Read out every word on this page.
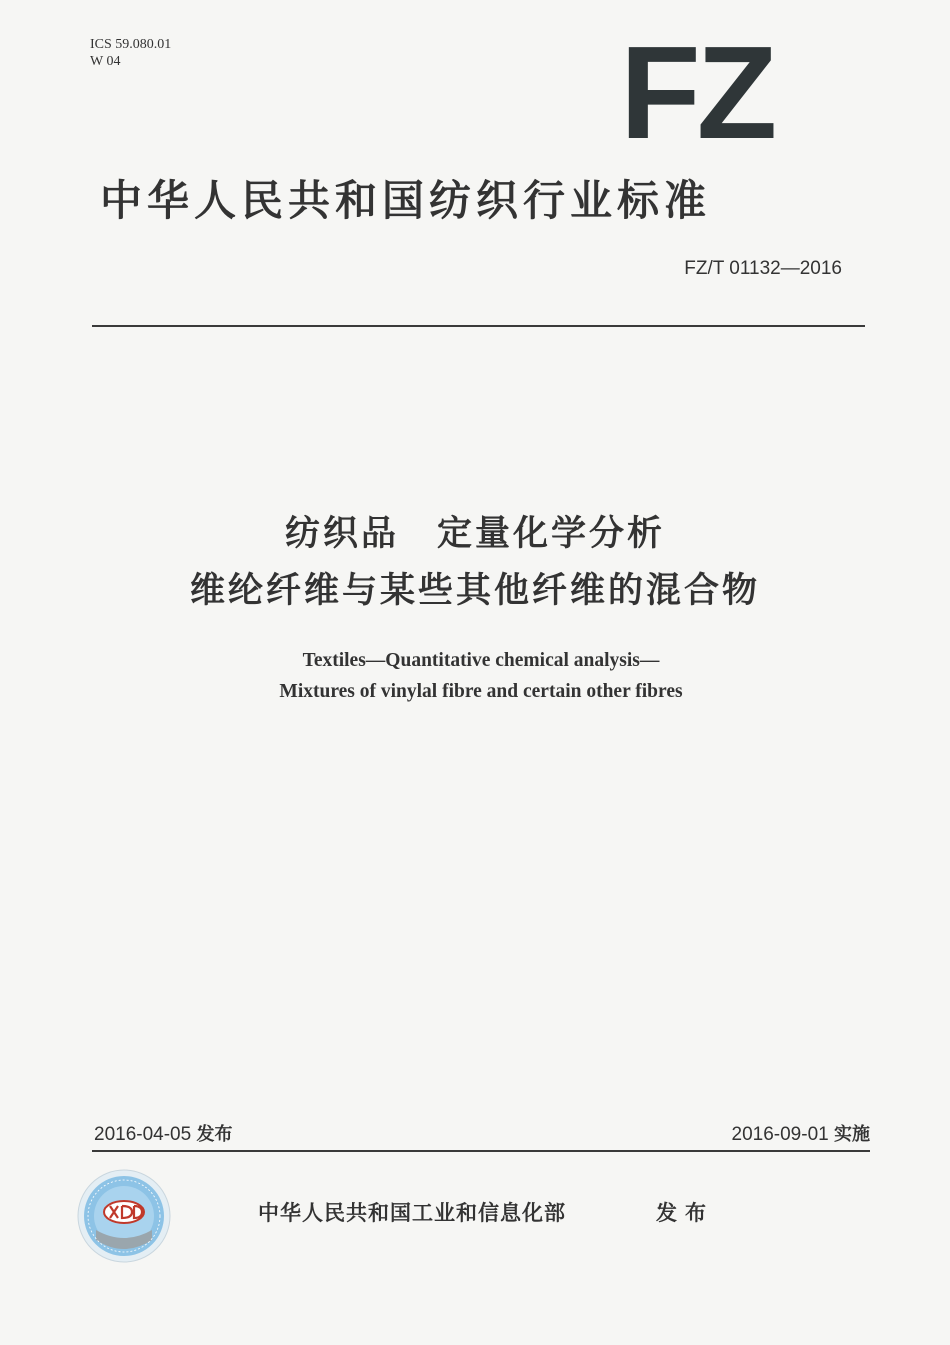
ICS 59.080.01
W 04	FZ
中华人民共和国纺织行业标准
FZ/T 01132—2016
纺织品　定量化学分析
维纶纤维与某些其他纤维的混合物
Textiles—Quantitative chemical analysis—
Mixtures of vinylal fibre and certain other fibres
2016-04-05 发布	2016-09-01 实施
中华人民共和国工业和信息化部	发布
